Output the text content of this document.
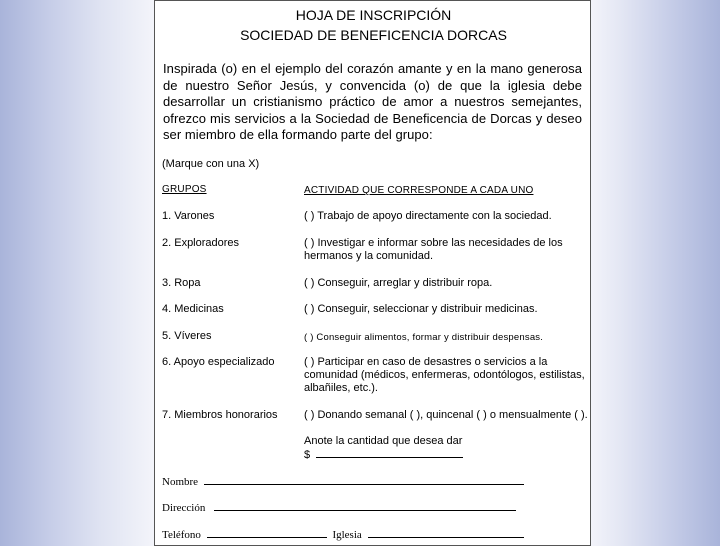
HOJA DE INSCRIPCIÓN
SOCIEDAD DE BENEFICENCIA DORCAS
Inspirada (o) en el ejemplo del corazón amante y en la mano generosa de nuestro Señor Jesús, y convencida (o) de que la iglesia debe desarrollar un cristianismo práctico de amor a nuestros semejantes, ofrezco mis servicios a la Sociedad de Beneficencia de Dorcas y deseo ser miembro de ella formando parte del grupo:
(Marque con una X)
GRUPOS	ACTIVIDAD QUE CORRESPONDE A CADA UNO
1. Varones	( ) Trabajo de apoyo directamente con la sociedad.
2. Exploradores	( ) Investigar e informar sobre las necesidades de los hermanos y la comunidad.
3. Ropa	( ) Conseguir, arreglar y distribuir ropa.
4. Medicinas	( ) Conseguir, seleccionar y distribuir medicinas.
5. Víveres	( ) Conseguir alimentos, formar y distribuir despensas.
6. Apoyo especializado	( ) Participar en caso de desastres o servicios a la comunidad (médicos, enfermeras, odontólogos, estilistas, albañiles, etc.).
7. Miembros honorarios ( ) Donando semanal ( ), quincenal ( ) o mensualmente ( ).
Anote la cantidad que desea dar
$
Nombre
Dirección
Teléfono	Iglesia
